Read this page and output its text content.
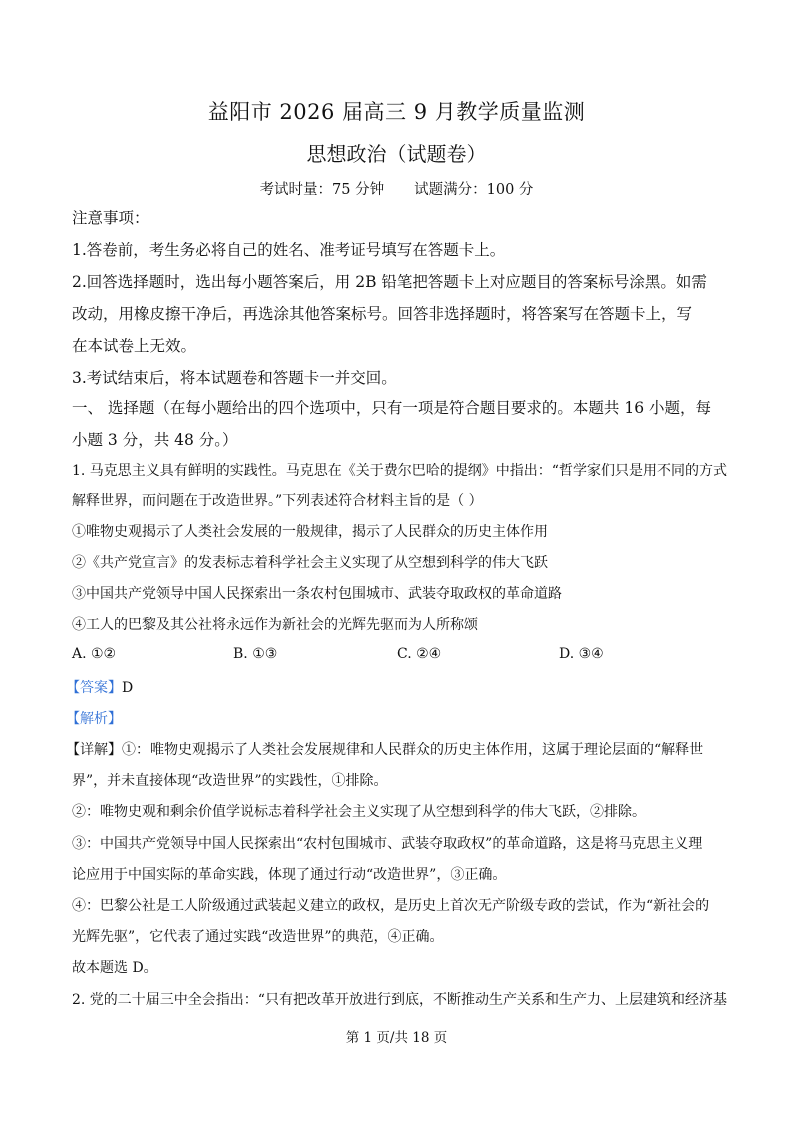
益阳市 2026 届高三 9 月教学质量监测
思想政治（试题卷）
考试时量：75 分钟 试题满分：100 分
注意事项：
1.答卷前，考生务必将自己的姓名、准考证号填写在答题卡上。
2.回答选择题时，选出每小题答案后，用 2B 铅笔把答题卡上对应题目的答案标号涂黑。如需
改动，用橡皮擦干净后，再选涂其他答案标号。回答非选择题时，将答案写在答题卡上，写
在本试卷上无效。
3.考试结束后，将本试题卷和答题卡一并交回。
一、 选择题（在每小题给出的四个选项中，只有一项是符合题目要求的。本题共 16 小题，每
小题 3 分，共 48 分。）
1. 马克思主义具有鲜明的实践性。马克思在《关于费尔巴哈的提纲》中指出：“哲学家们只是用不同的方式
解释世界，而问题在于改造世界。”下列表述符合材料主旨的是（ ）
①唯物史观揭示了人类社会发展的一般规律，揭示了人民群众的历史主体作用
②《共产党宣言》的发表标志着科学社会主义实现了从空想到科学的伟大飞跃
③中国共产党领导中国人民探索出一条农村包围城市、武装夺取政权的革命道路
④工人的巴黎及其公社将永远作为新社会的光辉先驱而为人所称颂
A. ①②	B. ①③	C. ②④	D. ③④
【答案】D
【解析】
【详解】①：唯物史观揭示了人类社会发展规律和人民群众的历史主体作用，这属于理论层面的“解释世
界”，并未直接体现“改造世界”的实践性，①排除。
②：唯物史观和剩余价值学说标志着科学社会主义实现了从空想到科学的伟大飞跃，②排除。
③：中国共产党领导中国人民探索出“农村包围城市、武装夺取政权”的革命道路，这是将马克思主义理
论应用于中国实际的革命实践，体现了通过行动“改造世界”，③正确。
④：巴黎公社是工人阶级通过武装起义建立的政权，是历史上首次无产阶级专政的尝试，作为“新社会的
光辉先驱”，它代表了通过实践“改造世界”的典范，④正确。
故本题选 D。
2. 党的二十届三中全会指出：“只有把改革开放进行到底，不断推动生产关系和生产力、上层建筑和经济基
第 1 页/共 18 页
